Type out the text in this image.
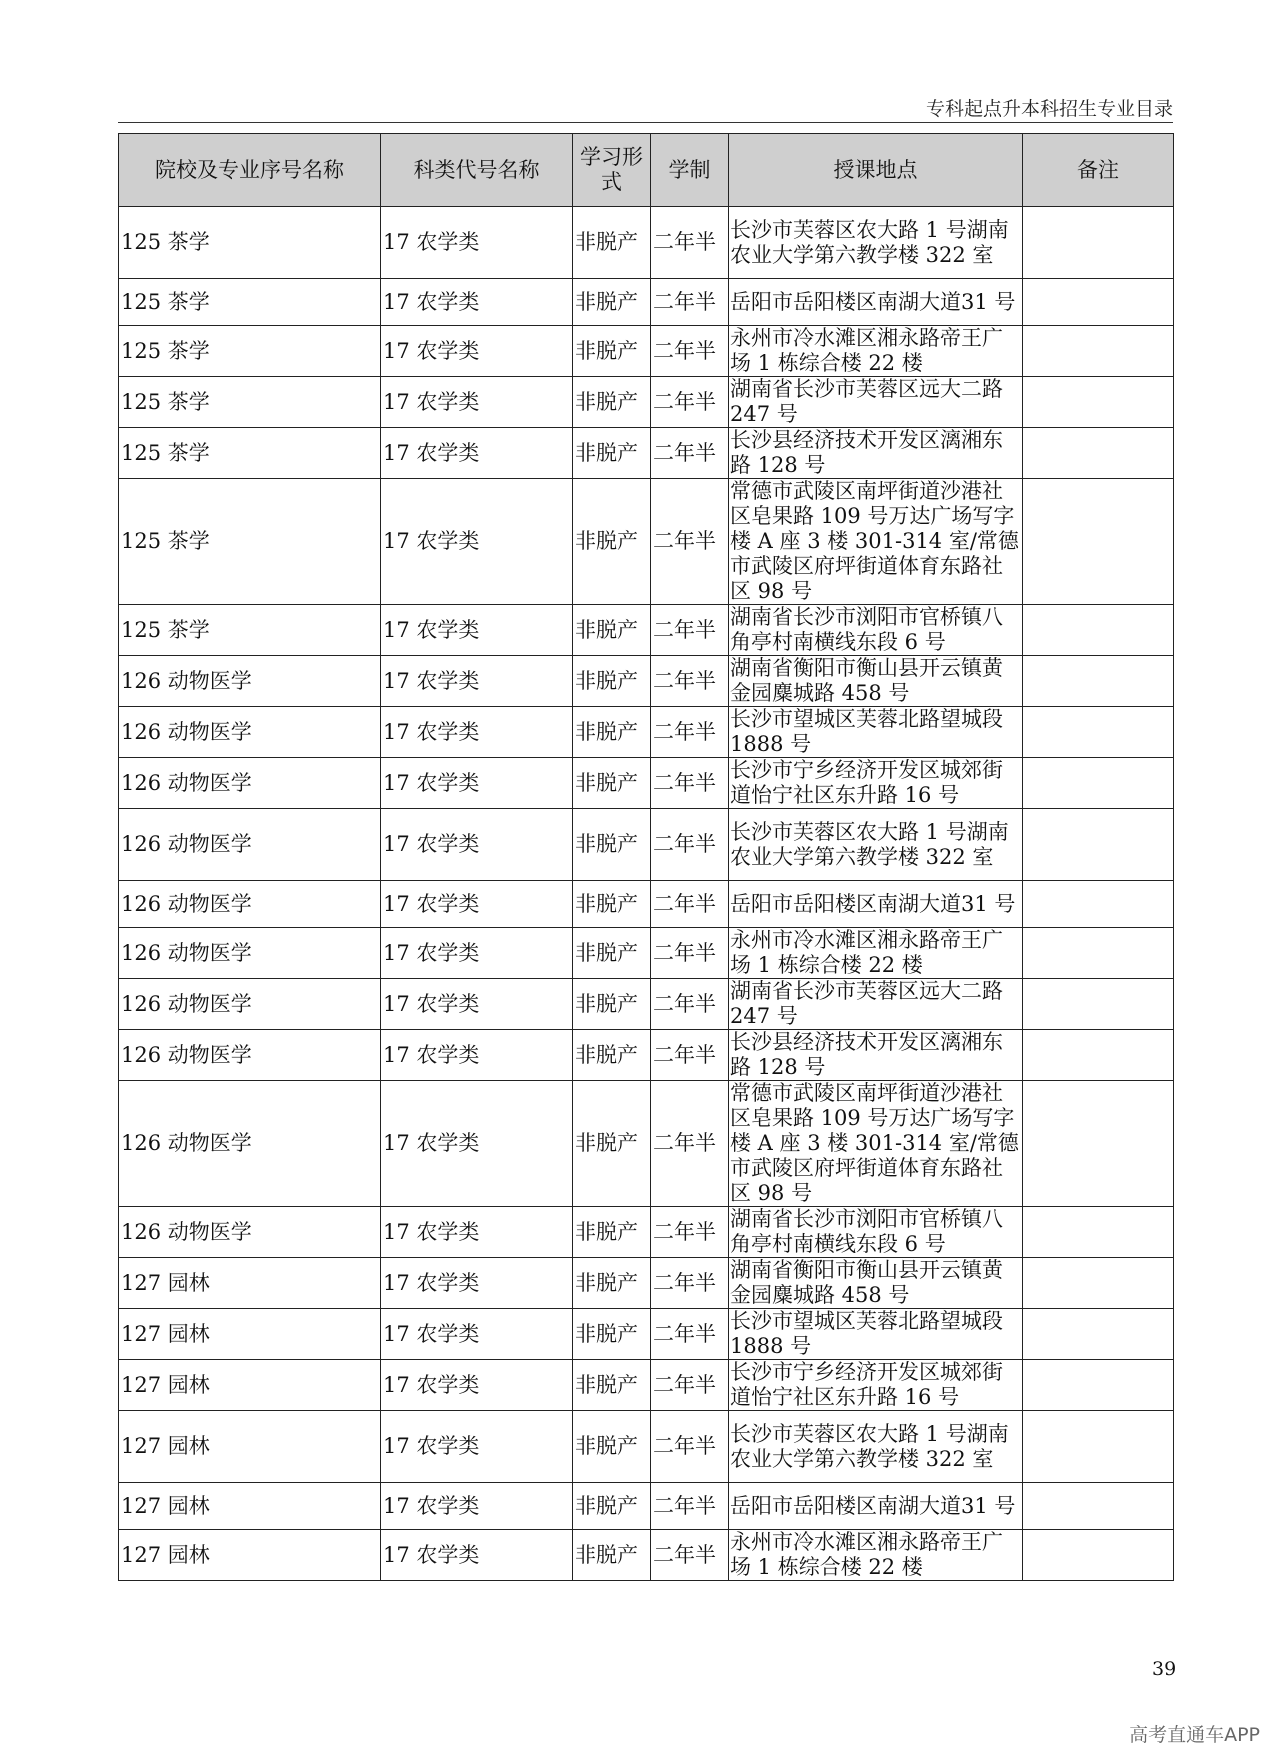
专科起点升本科招生专业目录
院校及专业序号名称	科类代号名称	学习形式	学制	授课地点	备注
125 茶学	17 农学类	非脱产	二年半	长沙市芙蓉区农大路 1 号湖南农业大学第六教学楼 322 室	
125 茶学	17 农学类	非脱产	二年半	岳阳市岳阳楼区南湖大道31 号	
125 茶学	17 农学类	非脱产	二年半	永州市冷水滩区湘永路帝王广场 1 栋综合楼 22 楼	
125 茶学	17 农学类	非脱产	二年半	湖南省长沙市芙蓉区远大二路 247 号	
125 茶学	17 农学类	非脱产	二年半	长沙县经济技术开发区漓湘东路 128 号	
125 茶学	17 农学类	非脱产	二年半	常德市武陵区南坪街道沙港社区皂果路 109 号万达广场写字楼 A 座 3 楼 301-314 室/常德市武陵区府坪街道体育东路社区 98 号	
125 茶学	17 农学类	非脱产	二年半	湖南省长沙市浏阳市官桥镇八角亭村南横线东段 6 号	
126 动物医学	17 农学类	非脱产	二年半	湖南省衡阳市衡山县开云镇黄金园麋城路 458 号	
126 动物医学	17 农学类	非脱产	二年半	长沙市望城区芙蓉北路望城段 1888 号	
126 动物医学	17 农学类	非脱产	二年半	长沙市宁乡经济开发区城郊街道怡宁社区东升路 16 号	
126 动物医学	17 农学类	非脱产	二年半	长沙市芙蓉区农大路 1 号湖南农业大学第六教学楼 322 室	
126 动物医学	17 农学类	非脱产	二年半	岳阳市岳阳楼区南湖大道31 号	
126 动物医学	17 农学类	非脱产	二年半	永州市冷水滩区湘永路帝王广场 1 栋综合楼 22 楼	
126 动物医学	17 农学类	非脱产	二年半	湖南省长沙市芙蓉区远大二路 247 号	
126 动物医学	17 农学类	非脱产	二年半	长沙县经济技术开发区漓湘东路 128 号	
126 动物医学	17 农学类	非脱产	二年半	常德市武陵区南坪街道沙港社区皂果路 109 号万达广场写字楼 A 座 3 楼 301-314 室/常德市武陵区府坪街道体育东路社区 98 号	
126 动物医学	17 农学类	非脱产	二年半	湖南省长沙市浏阳市官桥镇八角亭村南横线东段 6 号	
127 园林	17 农学类	非脱产	二年半	湖南省衡阳市衡山县开云镇黄金园麋城路 458 号	
127 园林	17 农学类	非脱产	二年半	长沙市望城区芙蓉北路望城段 1888 号	
127 园林	17 农学类	非脱产	二年半	长沙市宁乡经济开发区城郊街道怡宁社区东升路 16 号	
127 园林	17 农学类	非脱产	二年半	长沙市芙蓉区农大路 1 号湖南农业大学第六教学楼 322 室	
127 园林	17 农学类	非脱产	二年半	岳阳市岳阳楼区南湖大道31 号	
127 园林	17 农学类	非脱产	二年半	永州市冷水滩区湘永路帝王广场 1 栋综合楼 22 楼	
39
高考直通车APP
